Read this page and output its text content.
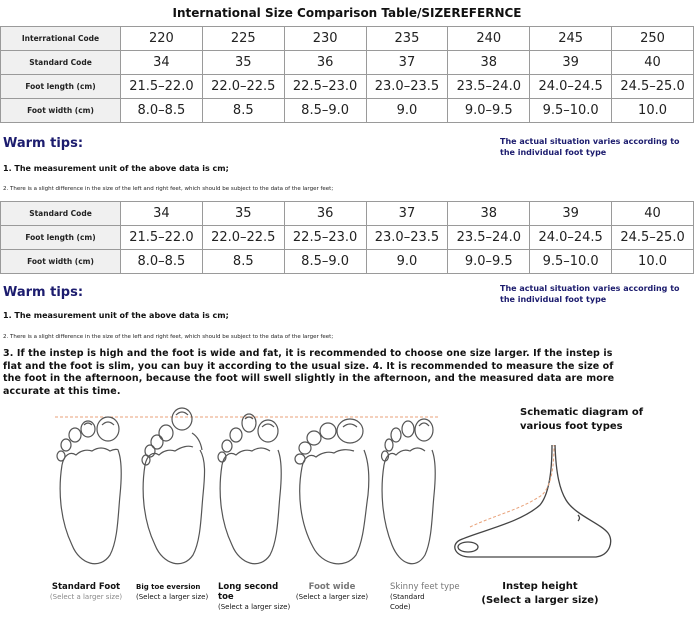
International Size Comparison Table/SIZEREFERNCE
Interrational Code	220	225	230	235	240	245	250
Standard Code	34	35	36	37	38	39	40
Foot length (cm)	21.5–22.0	22.0–22.5	22.5–23.0	23.0–23.5	23.5–24.0	24.0–24.5	24.5–25.0
Foot width (cm)	8.0–8.5	8.5	8.5–9.0	9.0	9.0–9.5	9.5–10.0	10.0
Warm tips:	The actual situation varies according to the individual foot type
1. The measurement unit of the above data is cm;
2. There is a slight difference in the size of the left and right feet, which should be subject to the data of the larger feet;
Standard Code	34	35	36	37	38	39	40
Foot length (cm)	21.5–22.0	22.0–22.5	22.5–23.0	23.0–23.5	23.5–24.0	24.0–24.5	24.5–25.0
Foot width (cm)	8.0–8.5	8.5	8.5–9.0	9.0	9.0–9.5	9.5–10.0	10.0
Warm tips:	The actual situation varies according to the individual foot type
1. The measurement unit of the above data is cm;
2. There is a slight difference in the size of the left and right feet, which should be subject to the data of the larger feet;
3. If the instep is high and the foot is wide and fat, it is recommended to choose one size larger. If the instep is flat and the foot is slim, you can buy it according to the usual size. 4. It is recommended to measure the size of the foot in the afternoon, because the foot will swell slightly in the afternoon, and the measured data are more accurate at this time.
Schematic diagram of various foot types
Standard Foot
(Select a larger size)
Big toe eversion
(Select a larger size)
Long second toe
(Select a larger size)
Foot wide
(Select a larger size)
Skinny feet type
(Standard Code)
Instep height
(Select a larger size)
